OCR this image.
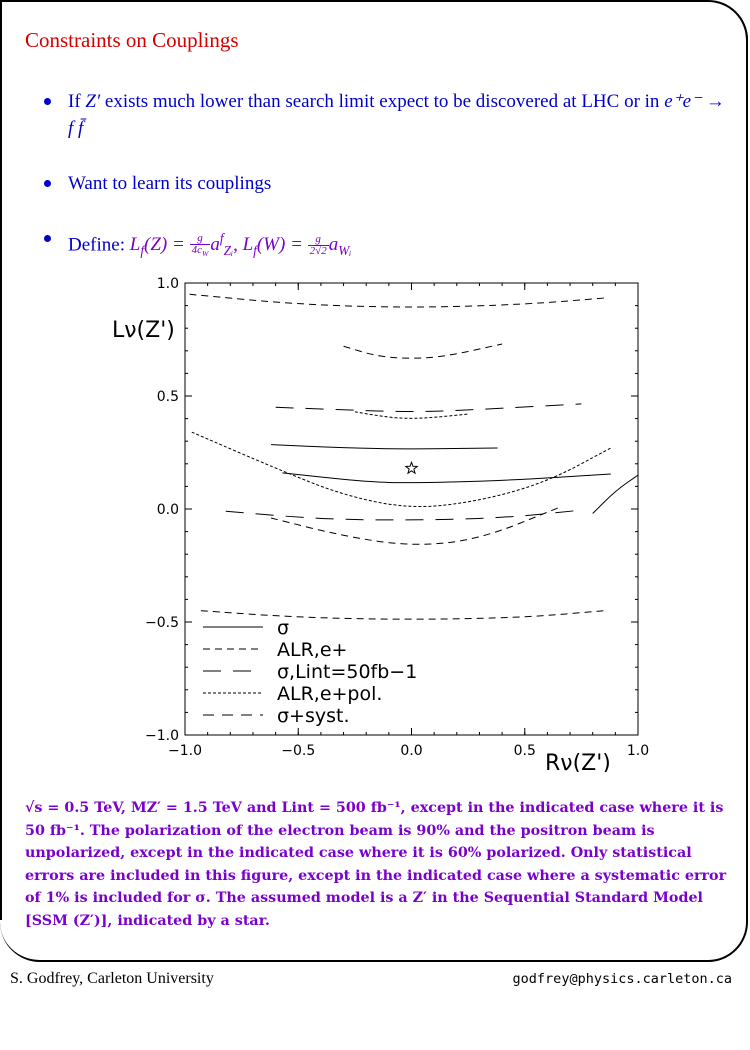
Constraints on Couplings
If Z′ exists much lower than search limit expect to be discovered at LHC or in e⁺e⁻ → f f̄
Want to learn its couplings
Define: $L_f(Z) = \frac{g}{4c_W} a^f_{Zᵢ}$, $L_f(W) = \frac{g}{2√2} a_{Wᵢ}$
−1.0	−0.5	0.0	0.5	1.0
1.0
0.5
0.0
−0.5
−1.0
σ
ALR,e+
σ,Lint=50fb−1
ALR,e+pol.
σ+syst.
Lν(Z')
Rν(Z')
√s = 0.5 TeV, MZ′ = 1.5 TeV and Lint = 500 fb⁻¹, except in the indicated case where it is 50 fb⁻¹. The polarization of the electron beam is 90% and the positron beam is unpolarized, except in the indicated case where it is 60% polarized. Only statistical errors are included in this figure, except in the indicated case where a systematic error of 1% is included for σ. The assumed model is a Z′ in the Sequential Standard Model [SSM (Z′)], indicated by a star.
S. Godfrey, Carleton University	godfrey@physics.carleton.ca
